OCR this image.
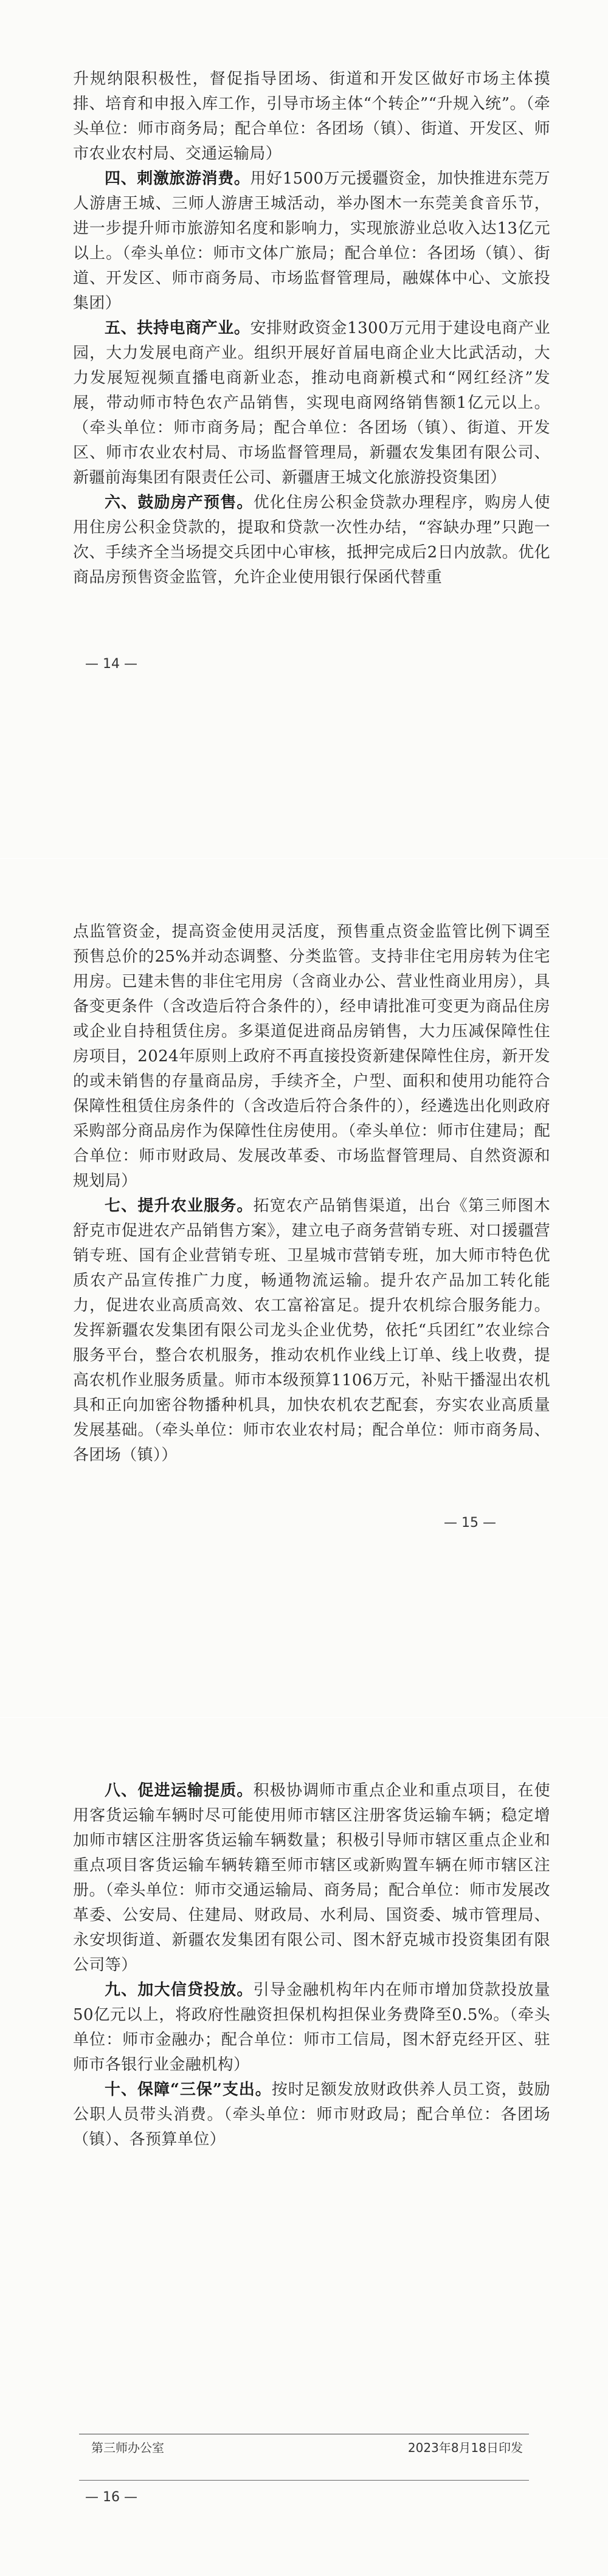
升规纳限积极性，督促指导团场、街道和开发区做好市场主体摸排、培育和申报入库工作，引导市场主体“个转企”“升规入统”。（牵头单位：师市商务局；配合单位：各团场（镇）、街道、开发区、师市农业农村局、交通运输局）

四、刺激旅游消费。用好1500万元援疆资金，加快推进东莞万人游唐王城、三师人游唐王城活动，举办图木一东莞美食音乐节，进一步提升师市旅游知名度和影响力，实现旅游业总收入达13亿元以上。（牵头单位：师市文体广旅局；配合单位：各团场（镇）、街道、开发区、师市商务局、市场监督管理局，融媒体中心、文旅投集团）

五、扶持电商产业。安排财政资金1300万元用于建设电商产业园，大力发展电商产业。组织开展好首届电商企业大比武活动，大力发展短视频直播电商新业态，推动电商新模式和“网红经济”发展，带动师市特色农产品销售，实现电商网络销售额1亿元以上。（牵头单位：师市商务局；配合单位：各团场（镇）、街道、开发区、师市农业农村局、市场监督管理局，新疆农发集团有限公司、新疆前海集团有限责任公司、新疆唐王城文化旅游投资集团）

六、鼓励房产预售。优化住房公积金贷款办理程序，购房人使用住房公积金贷款的，提取和贷款一次性办结，“容缺办理”只跑一次、手续齐全当场提交兵团中心审核，抵押完成后2日内放款。优化商品房预售资金监管，允许企业使用银行保函代替重

— 14 —

点监管资金，提高资金使用灵活度，预售重点资金监管比例下调至预售总价的25%并动态调整、分类监管。支持非住宅用房转为住宅用房。已建未售的非住宅用房（含商业办公、营业性商业用房），具备变更条件（含改造后符合条件的），经申请批准可变更为商品住房或企业自持租赁住房。多渠道促进商品房销售，大力压减保障性住房项目，2024年原则上政府不再直接投资新建保障性住房，新开发的或未销售的存量商品房，手续齐全，户型、面积和使用功能符合保障性租赁住房条件的（含改造后符合条件的），经遴选出化则政府采购部分商品房作为保障性住房使用。（牵头单位：师市住建局；配合单位：师市财政局、发展改革委、市场监督管理局、自然资源和规划局）

七、提升农业服务。拓宽农产品销售渠道，出台《第三师图木舒克市促进农产品销售方案》，建立电子商务营销专班、对口援疆营销专班、国有企业营销专班、卫星城市营销专班，加大师市特色优质农产品宣传推广力度，畅通物流运输。提升农产品加工转化能力，促进农业高质高效、农工富裕富足。提升农机综合服务能力。发挥新疆农发集团有限公司龙头企业优势，依托“兵团红”农业综合服务平台，整合农机服务，推动农机作业线上订单、线上收费，提高农机作业服务质量。师市本级预算1106万元，补贴干播湿出农机具和正向加密谷物播种机具，加快农机农艺配套，夯实农业高质量发展基础。（牵头单位：师市农业农村局；配合单位：师市商务局、各团场（镇））

— 15 —

八、促进运输提质。积极协调师市重点企业和重点项目，在使用客货运输车辆时尽可能使用师市辖区注册客货运输车辆；稳定增加师市辖区注册客货运输车辆数量；积极引导师市辖区重点企业和重点项目客货运输车辆转籍至师市辖区或新购置车辆在师市辖区注册。（牵头单位：师市交通运输局、商务局；配合单位：师市发展改革委、公安局、住建局、财政局、水利局、国资委、城市管理局、永安坝街道、新疆农发集团有限公司、图木舒克城市投资集团有限公司等）

九、加大信贷投放。引导金融机构年内在师市增加贷款投放量50亿元以上，将政府性融资担保机构担保业务费降至0.5%。（牵头单位：师市金融办；配合单位：师市工信局，图木舒克经开区、驻师市各银行业金融机构）

十、保障“三保”支出。按时足额发放财政供养人员工资，鼓励公职人员带头消费。（牵头单位：师市财政局；配合单位：各团场（镇）、各预算单位）

第三师办公室	2023年8月18日印发
— 16 —
